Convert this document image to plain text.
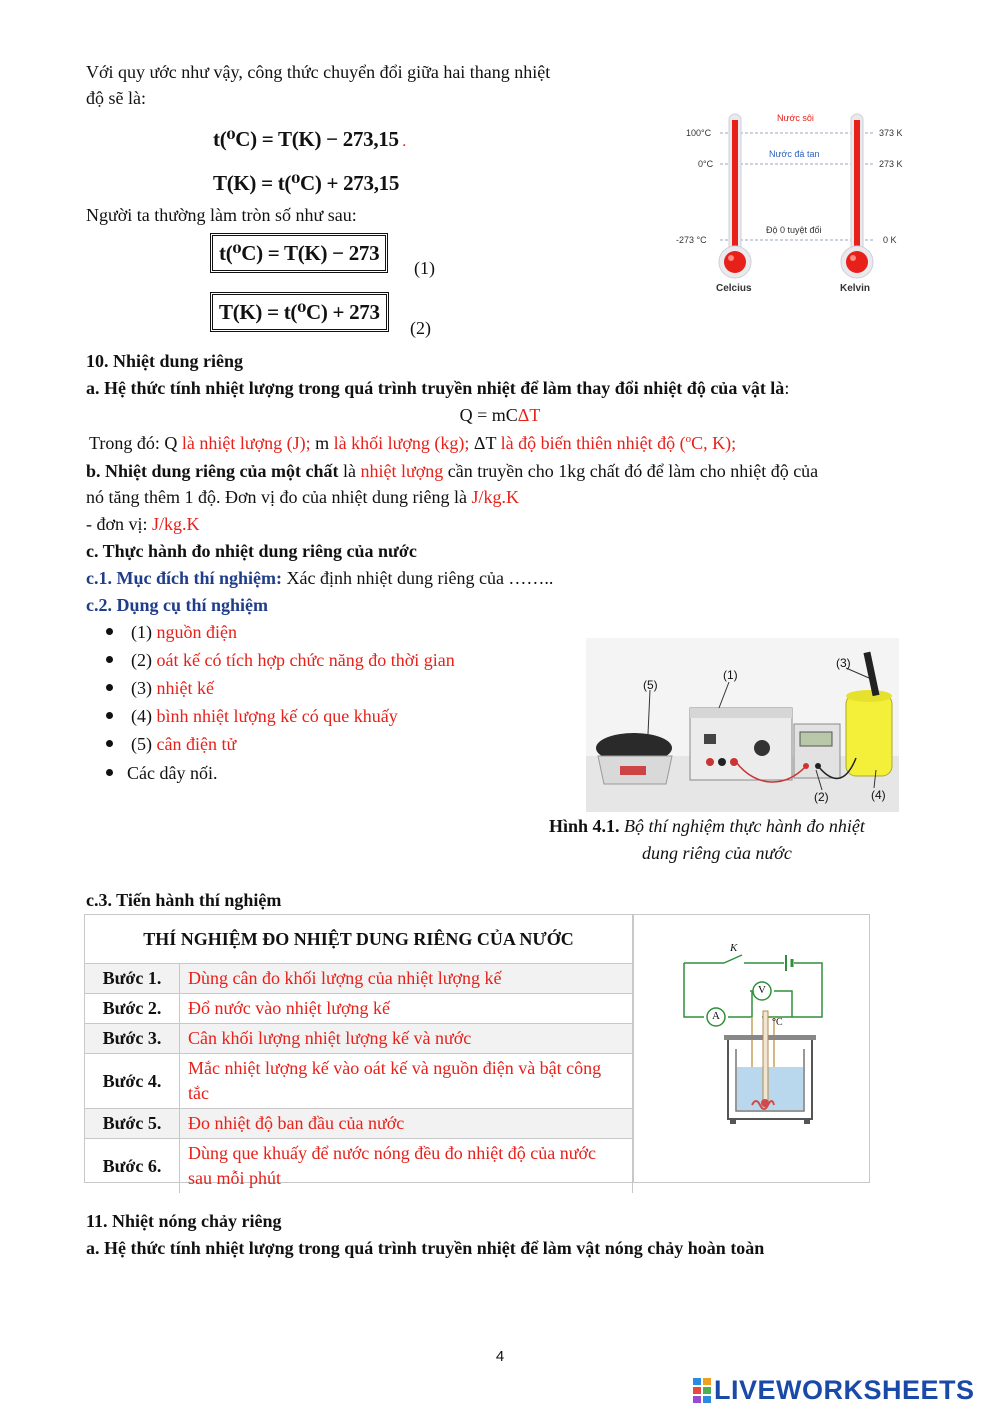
Với quy ước như vậy, công thức chuyển đổi giữa hai thang nhiệt

độ sẽ là:

t(⁰C) = T(K) − 273,15 .
T(K) = t(⁰C) + 273,15

Người ta thường làm tròn số như sau:

t(⁰C) = T(K) − 273
(1)
T(K) = t(⁰C) + 273
(2)
Nước sôi
Nước đá tan
Độ 0 tuyệt đối
100°C
0°C
-273 °C
373 K
273 K
0 K
Celcius	Kelvin

10. Nhiệt dung riêng

a. Hệ thức tính nhiệt lượng trong quá trình truyền nhiệt để làm thay đổi nhiệt độ của vật là:

Q = mCΔT

Trong đó: Q là nhiệt lượng (J); m là khối lượng (kg); ΔT là độ biến thiên nhiệt độ ($^o$C, K);

b. Nhiệt dung riêng của một chất là nhiệt lượng cần truyền cho 1kg chất đó để làm cho nhiệt độ của

nó tăng thêm 1 độ. Đơn vị đo của nhiệt dung riêng là J/kg.K

- đơn vị: J/kg.K

c. Thực hành đo nhiệt dung riêng của nước

c.1. Mục đích thí nghiệm: Xác định nhiệt dung riêng của ……..

c.2. Dụng cụ thí nghiệm

(1) nguồn điện
(2) oát kế có tích hợp chức năng đo thời gian
(3) nhiệt kế
(4) bình nhiệt lượng kế có que khuấy
(5) cân điện tử
Các dây nối.
(5)
(1)
(3)
(2)	(4)

Hình 4.1. Bộ thí nghiệm thực hành đo nhiệt

dung riêng của nước

c.3. Tiến hành thí nghiệm

THÍ NGHIỆM ĐO NHIỆT DUNG RIÊNG CỦA NƯỚC	
Bước 1.	Dùng cân đo khối lượng của nhiệt lượng kế
Bước 2.	Đổ nước vào nhiệt lượng kế
Bước 3.	Cân khối lượng nhiệt lượng kế và nước
Bước 4.	Mắc nhiệt lượng kế vào oát kế và nguồn điện và bật công tắc
Bước 5.	Đo nhiệt độ ban đầu của nước
Bước 6.	Dùng que khuấy để nước nóng đều đo nhiệt độ của nước sau mỗi phút
K
V
A
°C

11. Nhiệt nóng chảy riêng

a. Hệ thức tính nhiệt lượng trong quá trình truyền nhiệt để làm vật nóng chảy hoàn toàn

4

LIVEWORKSHEETS
